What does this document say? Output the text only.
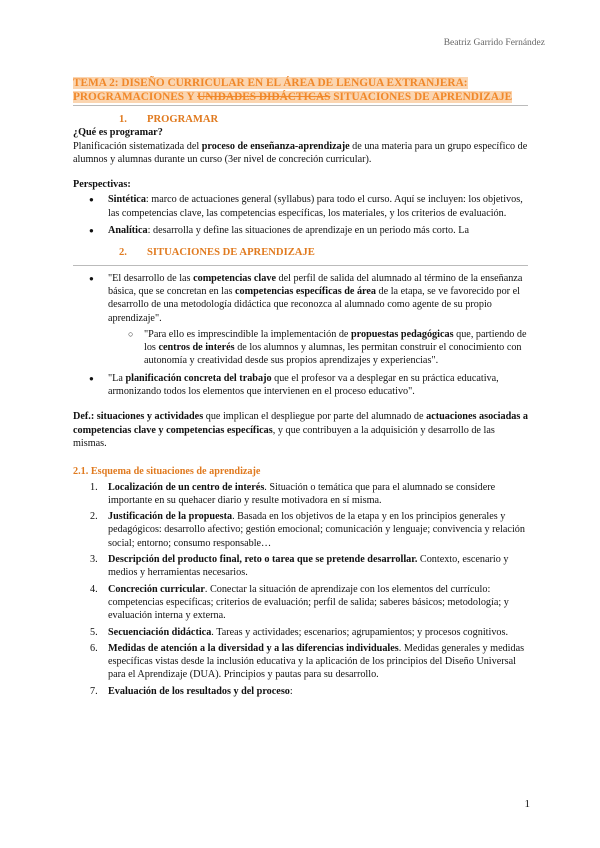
Beatriz Garrido Fernández
TEMA 2: DISEÑO CURRICULAR EN EL ÁREA DE LENGUA EXTRANJERA:
PROGRAMACIONES Y UNIDADES DIDÁCTICAS SITUACIONES DE APRENDIZAJE

1. PROGRAMAR

¿Qué es programar?

Planificación sistematizada del proceso de enseñanza-aprendizaje de una materia para un grupo específico de alumnos y alumnas durante un curso (3er nivel de concreción curricular).

Perspectivas:

● Sintética: marco de actuaciones general (syllabus) para todo el curso. Aquí se incluyen: los objetivos, las competencias clave, las competencias específicas, los materiales, y los criterios de evaluación.
● Analítica: desarrolla y define las situaciones de aprendizaje en un periodo más corto. La

2. SITUACIONES DE APRENDIZAJE

● "El desarrollo de las competencias clave del perfil de salida del alumnado al término de la enseñanza básica, que se concretan en las competencias específicas de área de la etapa, se ve favorecido por el desarrollo de una metodología didáctica que reconozca al alumnado como agente de su propio aprendizaje".
○ "Para ello es imprescindible la implementación de propuestas pedagógicas que, partiendo de los centros de interés de los alumnos y alumnas, les permitan construir el conocimiento con autonomía y creatividad desde sus propios aprendizajes y experiencias".
● "La planificación concreta del trabajo que el profesor va a desplegar en su práctica educativa, armonizando todos los elementos que intervienen en el proceso educativo".

Def.: situaciones y actividades que implican el despliegue por parte del alumnado de actuaciones asociadas a competencias clave y competencias específicas, y que contribuyen a la adquisición y desarrollo de las mismas.

2.1. Esquema de situaciones de aprendizaje

1. Localización de un centro de interés. Situación o temática que para el alumnado se considere importante en su quehacer diario y resulte motivadora en sí misma.
2. Justificación de la propuesta. Basada en los objetivos de la etapa y en los principios generales y pedagógicos: desarrollo afectivo; gestión emocional; comunicación y lenguaje; convivencia y relación social; entorno; consumo responsable…
3. Descripción del producto final, reto o tarea que se pretende desarrollar. Contexto, escenario y medios y herramientas necesarios.
4. Concreción curricular. Conectar la situación de aprendizaje con los elementos del currículo: competencias específicas; criterios de evaluación; perfil de salida; saberes básicos; metodología; y evaluación interna y externa.
5. Secuenciación didáctica. Tareas y actividades; escenarios; agrupamientos; y procesos cognitivos.
6. Medidas de atención a la diversidad y a las diferencias individuales. Medidas generales y medidas específicas vistas desde la inclusión educativa y la aplicación de los principios del Diseño Universal para el Aprendizaje (DUA). Principios y pautas para su desarrollo.
7. Evaluación de los resultados y del proceso:
1
